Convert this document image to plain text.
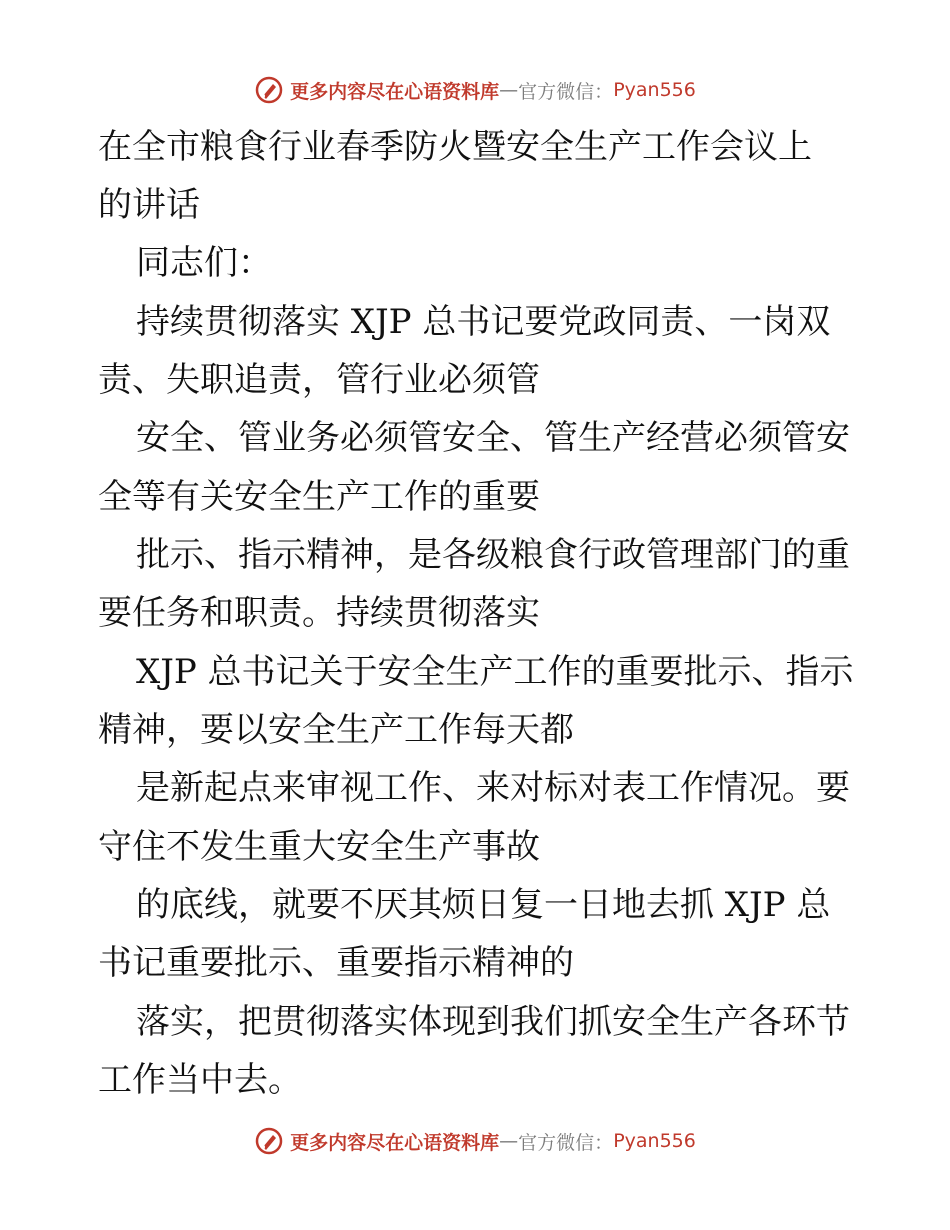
更多内容尽在心语资料库 — 官方微信： Pyan556
在全市粮食行业春季防火暨安全生产工作会议上
的讲话
同志们：
持续贯彻落实 XJP 总书记要党政同责、一岗双
责、失职追责，管行业必须管
安全、管业务必须管安全、管生产经营必须管安
全等有关安全生产工作的重要
批示、指示精神，是各级粮食行政管理部门的重
要任务和职责。持续贯彻落实
XJP 总书记关于安全生产工作的重要批示、指示
精神，要以安全生产工作每天都
是新起点来审视工作、来对标对表工作情况。要
守住不发生重大安全生产事故
的底线，就要不厌其烦日复一日地去抓 XJP 总
书记重要批示、重要指示精神的
落实，把贯彻落实体现到我们抓安全生产各环节
工作当中去。
更多内容尽在心语资料库 — 官方微信： Pyan556
